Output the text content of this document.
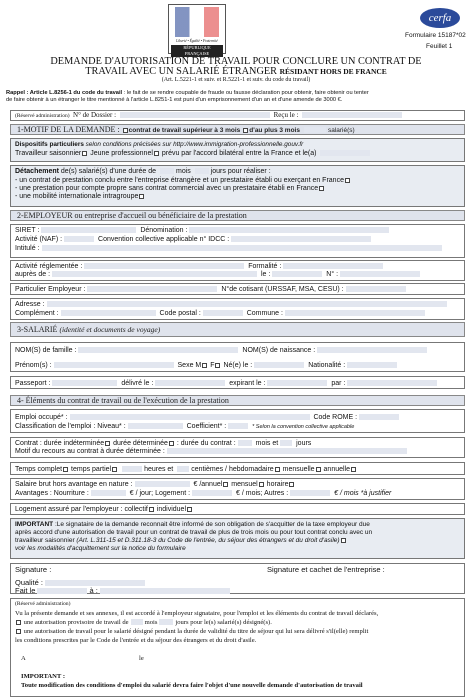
Liberté • Égalité • Fraternité
RÉPUBLIQUE FRANÇAISE
cerfa
Formulaire 15187*02
Feuillet 1
DEMANDE D'AUTORISATION DE TRAVAIL POUR CONCLURE UN CONTRAT DE
TRAVAIL AVEC UN SALARIÉ ÉTRANGER RÉSIDANT HORS DE FRANCE
(Art. L.5221-1 et suiv. et R.5221-1 et suiv. du code du travail)
Rappel : Article L.8256-1 du code du travail : le fait de se rendre coupable de fraude ou fausse déclaration pour obtenir, faire obtenir ou tenter
de faire obtenir à un étranger le titre mentionné à l'article L.8251-1 est puni d'un emprisonnement d'un an et d'une amende de 3000 €.
(Réservé administration) N° de Dossier :	Reçu le :
1-MOTIF DE LA DEMANDE : contrat de travail supérieur à 3 mois d'au plus 3 mois	salarié(s)
Dispositifs particuliers selon conditions précisées sur http://www.immigration-professionnelle.gouv.fr
Travailleur saisonnier Jeune professionnel prévu par l'accord bilatéral entre la France et le(a)
Détachement de(s) salarié(s) d'une durée de	mois	jours pour réaliser :
- un contrat de prestation conclu entre l'entreprise étrangère et un prestataire établi ou exerçant en France
- une prestation pour compte propre sans contrat commercial avec un prestataire établi en France
- une mobilité internationale intragroupe
2-EMPLOYEUR ou entreprise d'accueil ou bénéficiaire de la prestation
SIRET :	Dénomination :
Activité (NAF) :	Convention collective applicable n° IDCC :
Intitulé :
Activité réglementée :	Formalité :
auprès de :	le :	N° :
Particulier Employeur :	N°de cotisant (URSSAF, MSA, CESU) :
Adresse :
Complément :	Code postal :	Commune :
3-SALARIÉ (identité et documents de voyage)
NOM(S) de famille :	NOM(S) de naissance :
Prénom(s) :	Sexe M F Né(e) le :	Nationalité :
Passeport :	délivré le :	expirant le :	par :
4- Éléments du contrat de travail ou de l'exécution de la prestation
Emploi occupé* :	Code ROME :
Classification de l'emploi : Niveau* :	Coefficient* :	* Selon la convention collective applicable
Contrat : durée indéterminée durée déterminée : durée du contrat :	mois et	jours
Motif du recours au contrat à durée déterminée :
Temps complet temps partiel	heures et	centièmes / hebdomadaire mensuelle annuelle
Salaire brut hors avantage en nature :	€ /annuel mensuel horaire
Avantages : Nourriture :	€ / jour; Logement :	€ / mois; Autres :	€ / mois *à justifier
Logement assuré par l'employeur : collectif individuel
IMPORTANT :Le signataire de la demande reconnait être informé de son obligation de s'acquitter de la taxe employeur due
après accord d'une autorisation de travail pour un contrat de travail de plus de trois mois ou pour tout contrat conclu avec un
travailleur saisonnier (Art. L.311-15 et D.311.18-3 du Code de l'entrée, du séjour des étrangers et du droit d'asile)
voir les modalités d'acquittement sur la notice du formulaire
Signature :	Signature et cachet de l'entreprise :
Qualité :
Fait le	à :
(Réservé administration)
Vu la présente demande et ses annexes, il est accordé à l'employeur signataire, pour l'emploi et les éléments du contrat de travail déclarés,
une autorisation provisoire de travail de mois	jours pour le(s) salarié(s) désigné(s).
une autorisation de travail pour le salarié désigné pendant la durée de validité du titre de séjour qui lui sera délivré s'il(elle) remplit
les conditions prescrites par le Code de l'entrée et du séjour des étrangers et du droit d'asile.
A	le
IMPORTANT :
Toute modification des conditions d'emploi du salarié devra faire l'objet d'une nouvelle demande d'autorisation de travail
